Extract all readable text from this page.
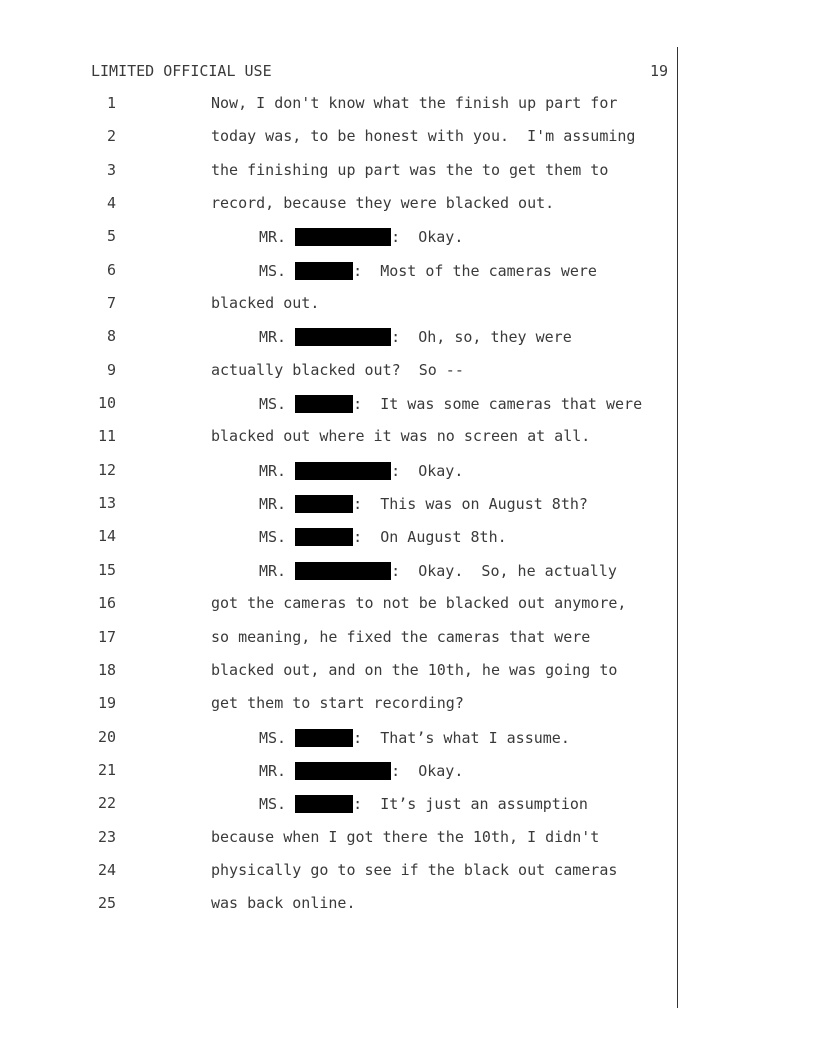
LIMITED OFFICIAL USE	19
1	Now, I don't know what the finish up part for
2	today was, to be honest with you.  I'm assuming
3	the finishing up part was the to get them to
4	record, because they were blacked out.
5	MR.	:  Okay.
6	MS.	:  Most of the cameras were
7	blacked out.
8	MR.	:  Oh, so, they were
9	actually blacked out?  So --
10	MS.	:  It was some cameras that were
11	blacked out where it was no screen at all.
12	MR.	:  Okay.
13	MR.	:  This was on August 8th?
14	MS.	:  On August 8th.
15	MR.	:  Okay.  So, he actually
16	got the cameras to not be blacked out anymore,
17	so meaning, he fixed the cameras that were
18	blacked out, and on the 10th, he was going to
19	get them to start recording?
20	MS.	:  That’s what I assume.
21	MR.	:  Okay.
22	MS.	:  It’s just an assumption
23	because when I got there the 10th, I didn't
24	physically go to see if the black out cameras
25	was back online.
